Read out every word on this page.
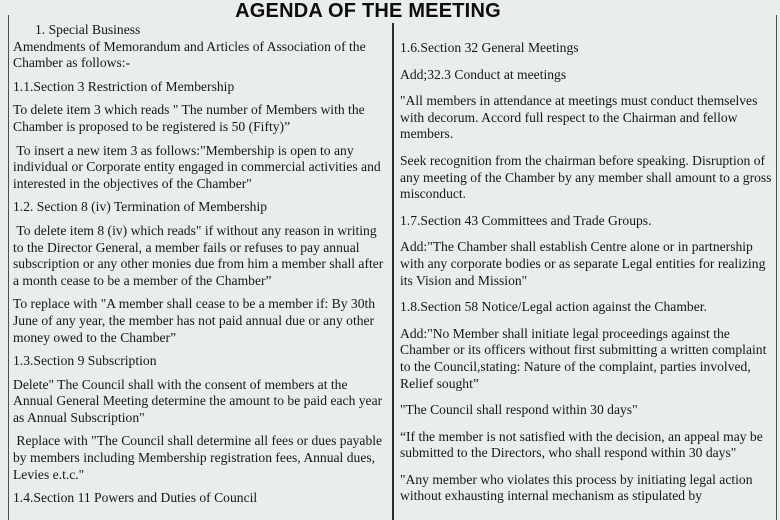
AGENDA OF THE MEETING

1. Special Business

Amendments of Memorandum and Articles of Association of the Chamber as follows:-

1.1.Section 3 Restriction of Membership

To delete item 3 which reads " The number of Members with the Chamber is proposed to be registered is 50 (Fifty)”

To insert a new item 3 as follows:"Membership is open to any individual or Corporate entity engaged in commercial activities and interested in the objectives of the Chamber"

1.2. Section 8 (iv) Termination of Membership

To delete item 8 (iv) which reads" if without any reason in writing to the Director General, a member fails or refuses to pay annual subscription or any other monies due from him a member shall after a month cease to be a member of the Chamber”

To replace with "A member shall cease to be a member if: By 30th June of any year, the member has not paid annual due or any other money owed to the Chamber”

1.3.Section 9 Subscription

Delete" The Council shall with the consent of members at the Annual General Meeting determine the amount to be paid each year as Annual Subscription"

Replace with "The Council shall determine all fees or dues payable by members including Membership registration fees, Annual dues, Levies e.t.c."

1.4.Section 11 Powers and Duties of Council

1.6.Section 32 General Meetings

Add;32.3 Conduct at meetings

"All members in attendance at meetings must conduct themselves with decorum. Accord full respect to the Chairman and fellow members.

Seek recognition from the chairman before speaking. Disruption of any meeting of the Chamber by any member shall amount to a gross misconduct.

1.7.Section 43 Committees and Trade Groups.

Add:"The Chamber shall establish Centre alone or in partnership with any corporate bodies or as separate Legal entities for realizing its Vision and Mission"

1.8.Section 58 Notice/Legal action against the Chamber.

Add:"No Member shall initiate legal proceedings against the Chamber or its officers without first submitting a written complaint to the Council,stating: Nature of the complaint, parties involved, Relief sought”

"The Council shall respond within 30 days"

“If the member is not satisfied with the decision, an appeal may be submitted to the Directors, who shall respond within 30 days"

"Any member who violates this process by initiating legal action without exhausting internal mechanism as stipulated by
